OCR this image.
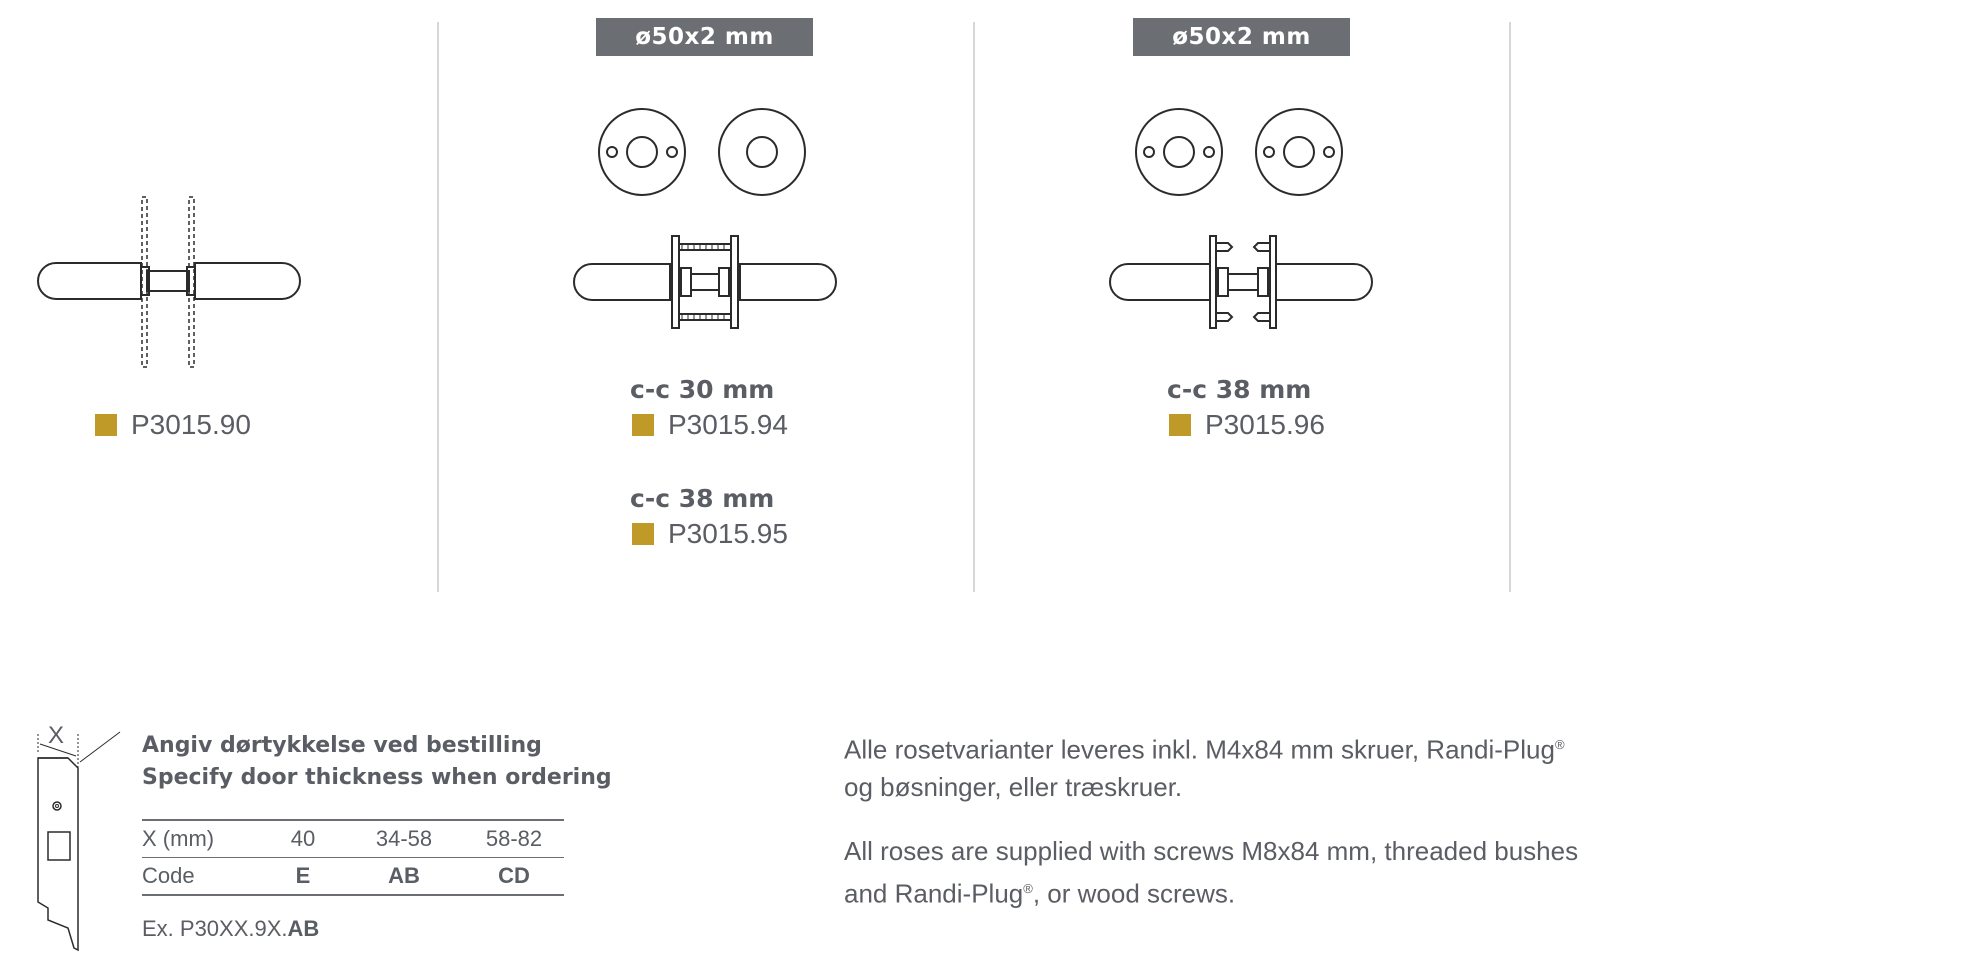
P3015.90
ø50x2 mm
c-c 30 mm
P3015.94
c-c 38 mm
P3015.95
ø50x2 mm
c-c 38 mm
P3015.96
X	Angiv dørtykkelse ved bestilling
Specify door thickness when ordering
X (mm)	40	34-58	58-82
Code	E	AB	CD
Ex. P30XX.9X.AB
Alle rosetvarianter leveres inkl. M4x84 mm skruer, Randi-Plug®
og bøsninger, eller træskruer.
All roses are supplied with screws M8x84 mm, threaded bushes
and Randi-Plug®, or wood screws.
